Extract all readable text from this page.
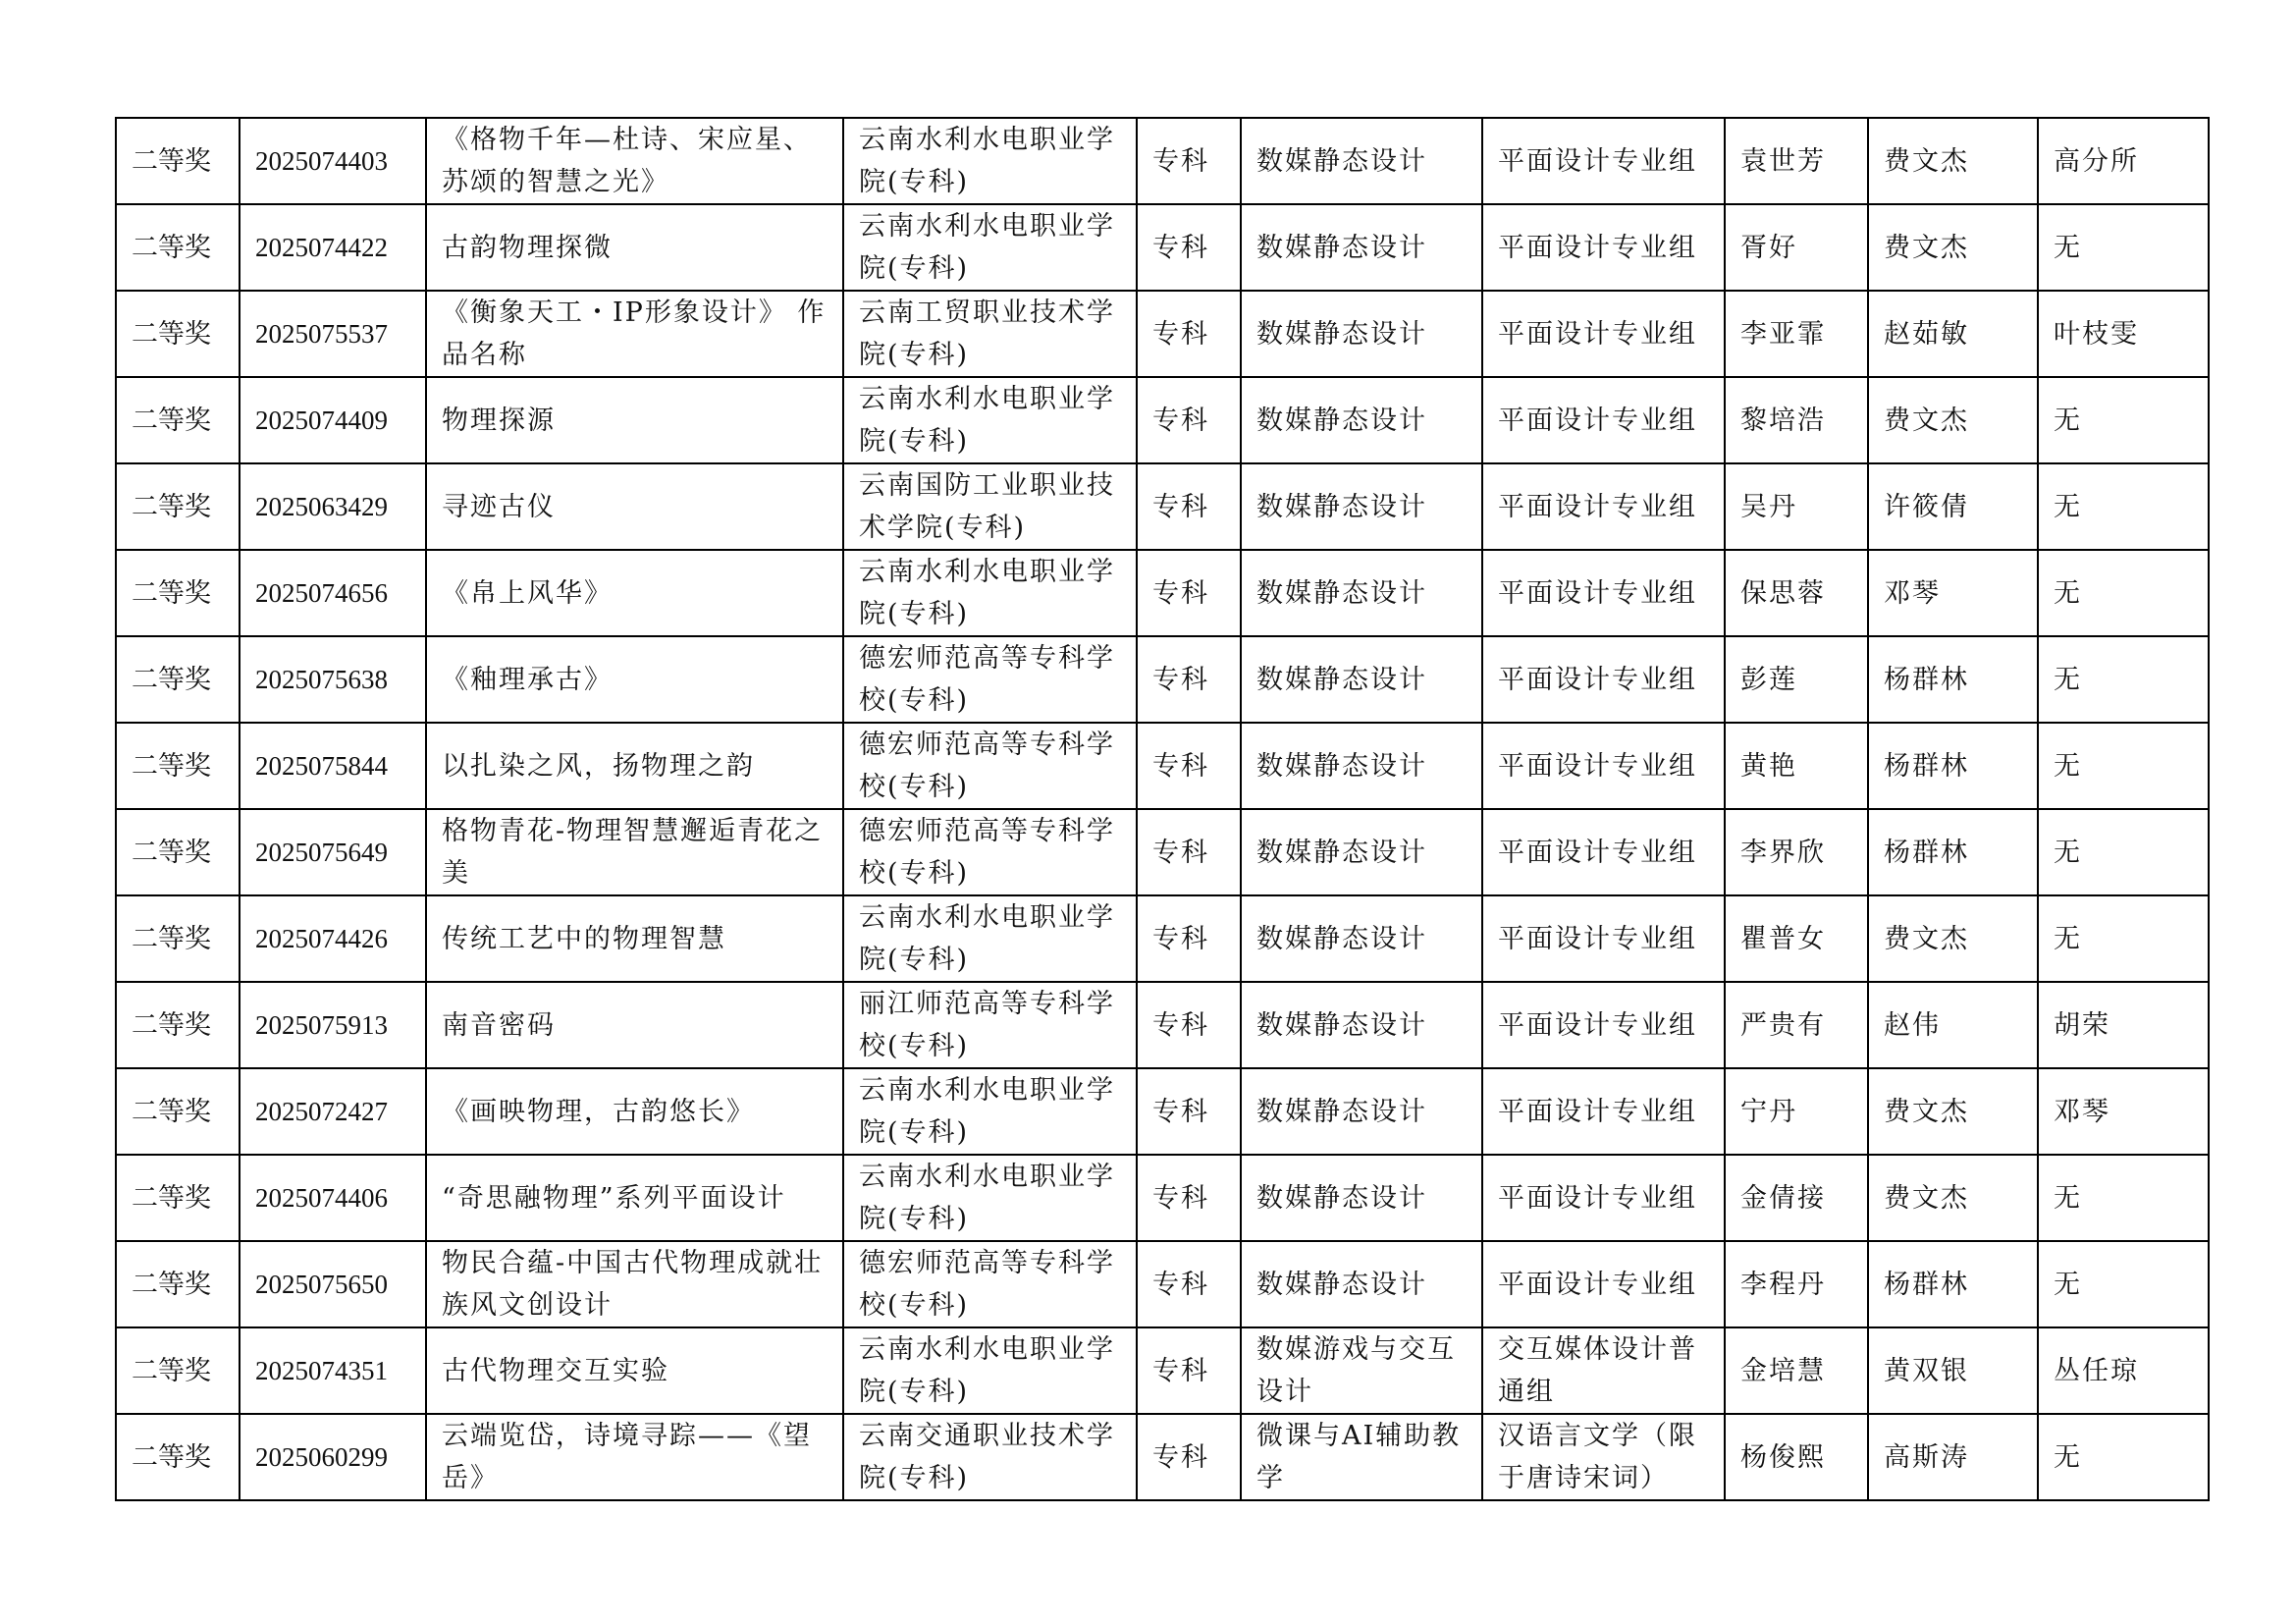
二等奖	2025074403	《格物千年—杜诗、宋应星、苏颂的智慧之光》	云南水利水电职业学院(专科)	专科	数媒静态设计	平面设计专业组	袁世芳	费文杰	高分所
二等奖	2025074422	古韵物理探微	云南水利水电职业学院(专科)	专科	数媒静态设计	平面设计专业组	胥好	费文杰	无
二等奖	2025075537	《衡象天工・IP形象设计》 作品名称	云南工贸职业技术学院(专科)	专科	数媒静态设计	平面设计专业组	李亚霏	赵茹敏	叶枝雯
二等奖	2025074409	物理探源	云南水利水电职业学院(专科)	专科	数媒静态设计	平面设计专业组	黎培浩	费文杰	无
二等奖	2025063429	寻迹古仪	云南国防工业职业技术学院(专科)	专科	数媒静态设计	平面设计专业组	吴丹	许筱倩	无
二等奖	2025074656	《帛上风华》	云南水利水电职业学院(专科)	专科	数媒静态设计	平面设计专业组	保思蓉	邓琴	无
二等奖	2025075638	《釉理承古》	德宏师范高等专科学校(专科)	专科	数媒静态设计	平面设计专业组	彭莲	杨群林	无
二等奖	2025075844	以扎染之风，扬物理之韵	德宏师范高等专科学校(专科)	专科	数媒静态设计	平面设计专业组	黄艳	杨群林	无
二等奖	2025075649	格物青花-物理智慧邂逅青花之美	德宏师范高等专科学校(专科)	专科	数媒静态设计	平面设计专业组	李界欣	杨群林	无
二等奖	2025074426	传统工艺中的物理智慧	云南水利水电职业学院(专科)	专科	数媒静态设计	平面设计专业组	瞿普女	费文杰	无
二等奖	2025075913	南音密码	丽江师范高等专科学校(专科)	专科	数媒静态设计	平面设计专业组	严贵有	赵伟	胡荣
二等奖	2025072427	《画映物理，古韵悠长》	云南水利水电职业学院(专科)	专科	数媒静态设计	平面设计专业组	宁丹	费文杰	邓琴
二等奖	2025074406	“奇思融物理”系列平面设计	云南水利水电职业学院(专科)	专科	数媒静态设计	平面设计专业组	金倩接	费文杰	无
二等奖	2025075650	物民合蕴-中国古代物理成就壮族风文创设计	德宏师范高等专科学校(专科)	专科	数媒静态设计	平面设计专业组	李程丹	杨群林	无
二等奖	2025074351	古代物理交互实验	云南水利水电职业学院(专科)	专科	数媒游戏与交互设计	交互媒体设计普通组	金培慧	黄双银	丛任琼
二等奖	2025060299	云端览岱，诗境寻踪——《望岳》	云南交通职业技术学院(专科)	专科	微课与AI辅助教学	汉语言文学（限于唐诗宋词）	杨俊熙	高斯涛	无
